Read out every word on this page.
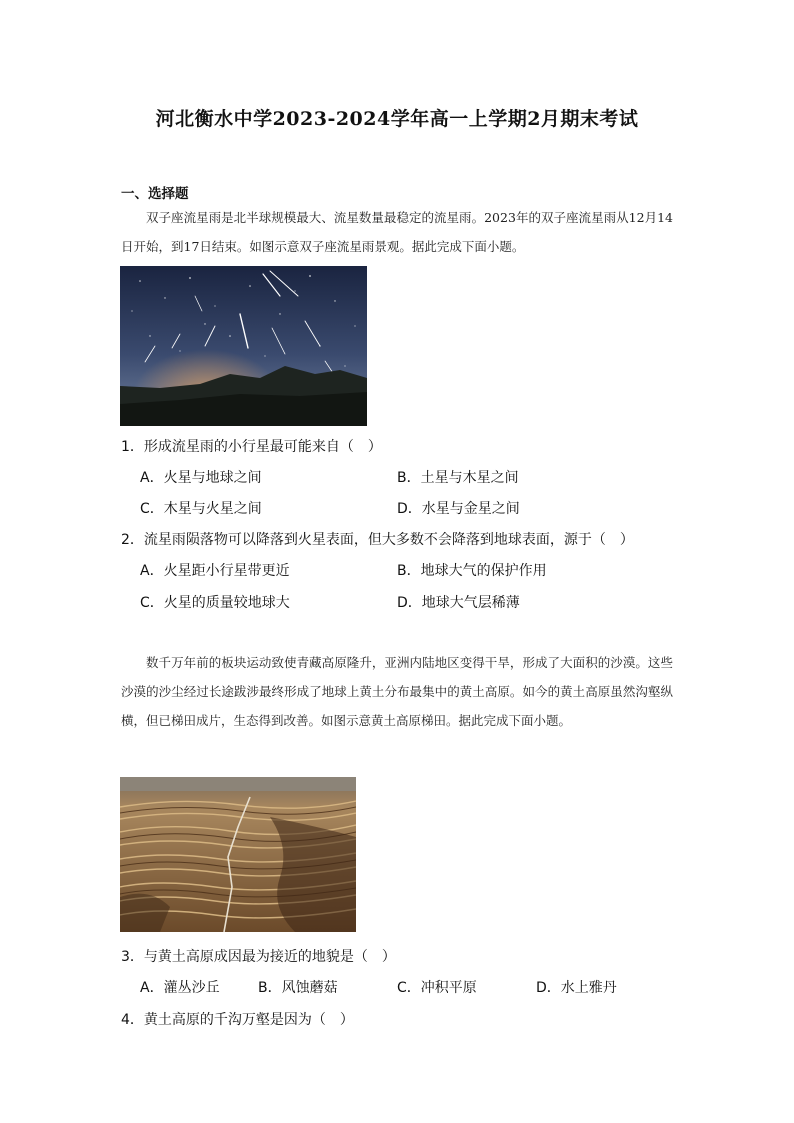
河北衡水中学2023-2024学年高一上学期2月期末考试
一、选择题
双子座流星雨是北半球规模最大、流星数量最稳定的流星雨。2023年的双子座流星雨从12月14日开始，到17日结束。如图示意双子座流星雨景观。据此完成下面小题。
1．形成流星雨的小行星最可能来自（　）
A．火星与地球之间	B．土星与木星之间
C．木星与火星之间	D．水星与金星之间
2．流星雨陨落物可以降落到火星表面，但大多数不会降落到地球表面，源于（　）
A．火星距小行星带更近	B．地球大气的保护作用
C．火星的质量较地球大	D．地球大气层稀薄
数千万年前的板块运动致使青藏高原隆升，亚洲内陆地区变得干旱，形成了大面积的沙漠。这些沙漠的沙尘经过长途跋涉最终形成了地球上黄土分布最集中的黄土高原。如今的黄土高原虽然沟壑纵横，但已梯田成片，生态得到改善。如图示意黄土高原梯田。据此完成下面小题。
3．与黄土高原成因最为接近的地貌是（　）
A．灌丛沙丘	B．风蚀蘑菇	C．冲积平原	D．水上雅丹
4．黄土高原的千沟万壑是因为（　）
